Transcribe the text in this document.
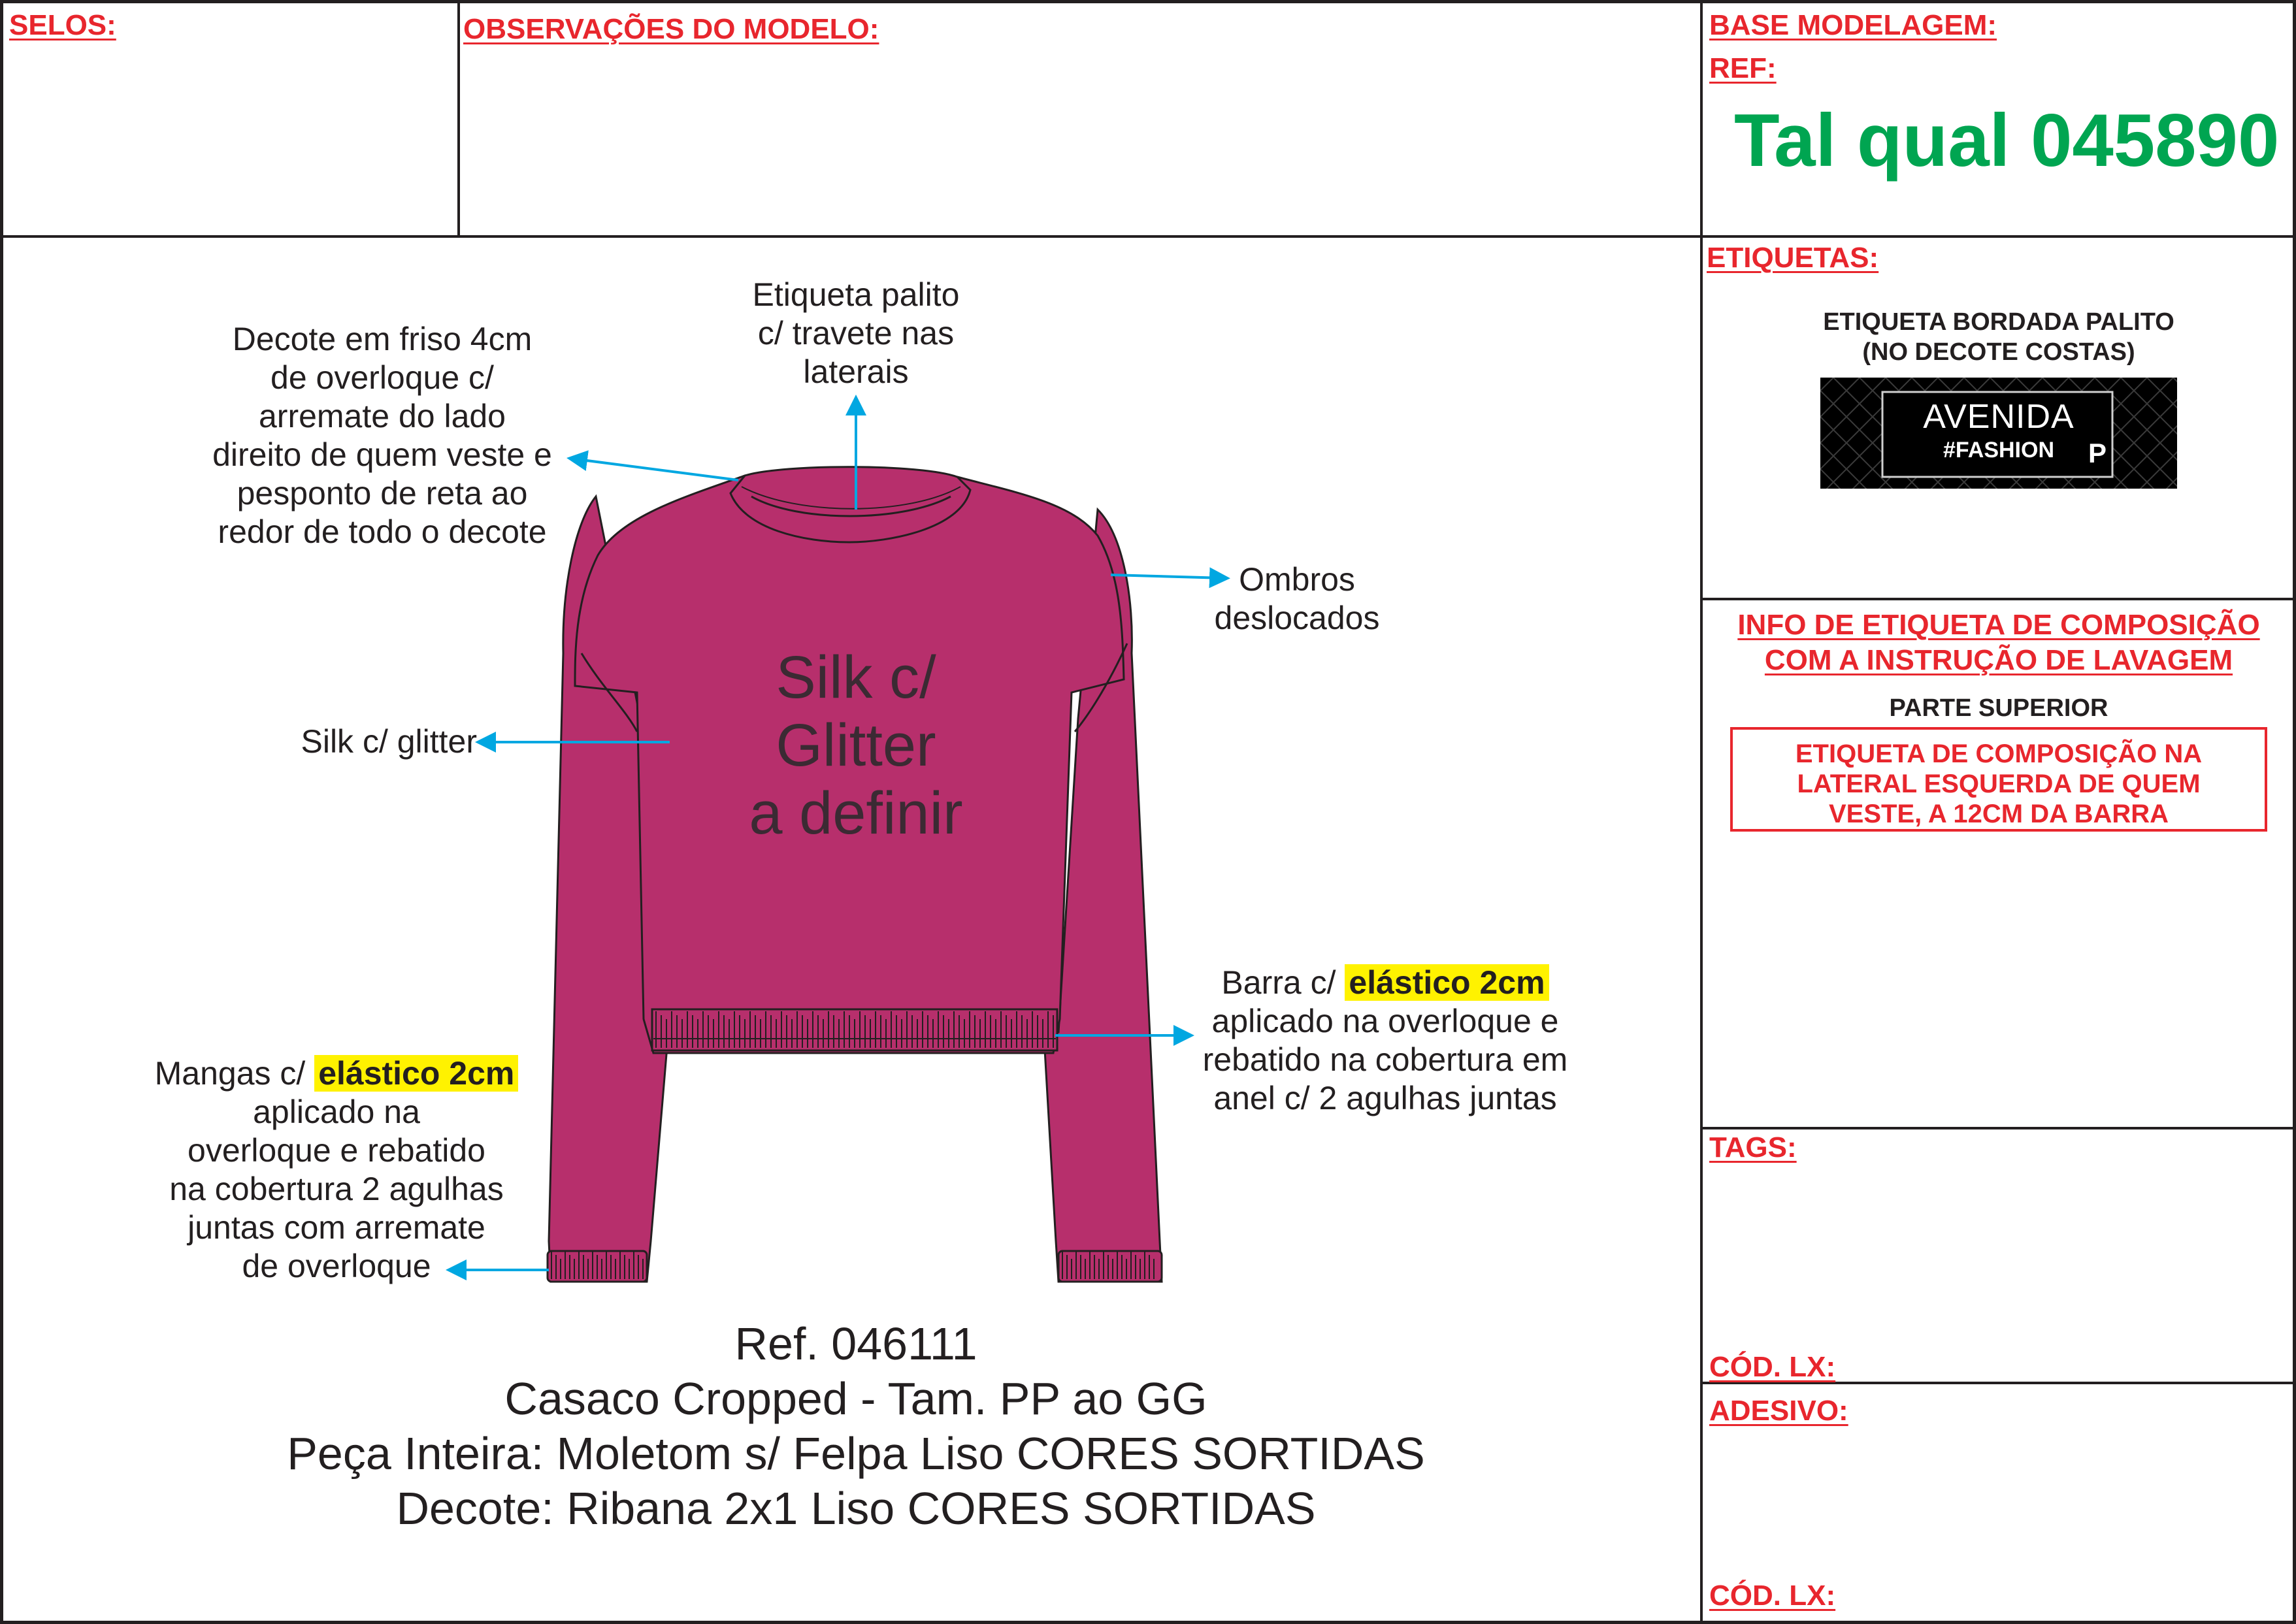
SELOS:	OBSERVAÇÕES DO MODELO:	BASE MODELAGEM:
REF:
Tal qual 045890
ETIQUETAS:
ETIQUETA BORDADA PALITO
(NO DECOTE COSTAS)
AVENIDA
#FASHION	P
INFO DE ETIQUETA DE COMPOSIÇÃO
COM A INSTRUÇÃO DE LAVAGEM
PARTE SUPERIOR
ETIQUETA DE COMPOSIÇÃO NA
LATERAL ESQUERDA DE QUEM
VESTE, A 12CM DA BARRA
TAGS:
CÓD. LX:
ADESIVO:
CÓD. LX:
Silk c/
Glitter
a definir
Decote em friso 4cm
de overloque c/
arremate do lado
direito de quem veste e
pesponto de reta ao
redor de todo o decote
Etiqueta palito
c/ travete nas
laterais
Ombros
deslocados
Silk c/ glitter
Barra c/ elástico 2cm
aplicado na overloque e
rebatido na cobertura em
anel c/ 2 agulhas juntas
Mangas c/ elástico 2cm
aplicado na
overloque e rebatido
na cobertura 2 agulhas
juntas com arremate
de overloque
Ref. 046111
Casaco Cropped - Tam. PP ao GG
Peça Inteira: Moletom s/ Felpa Liso CORES SORTIDAS
Decote: Ribana 2x1 Liso CORES SORTIDAS
